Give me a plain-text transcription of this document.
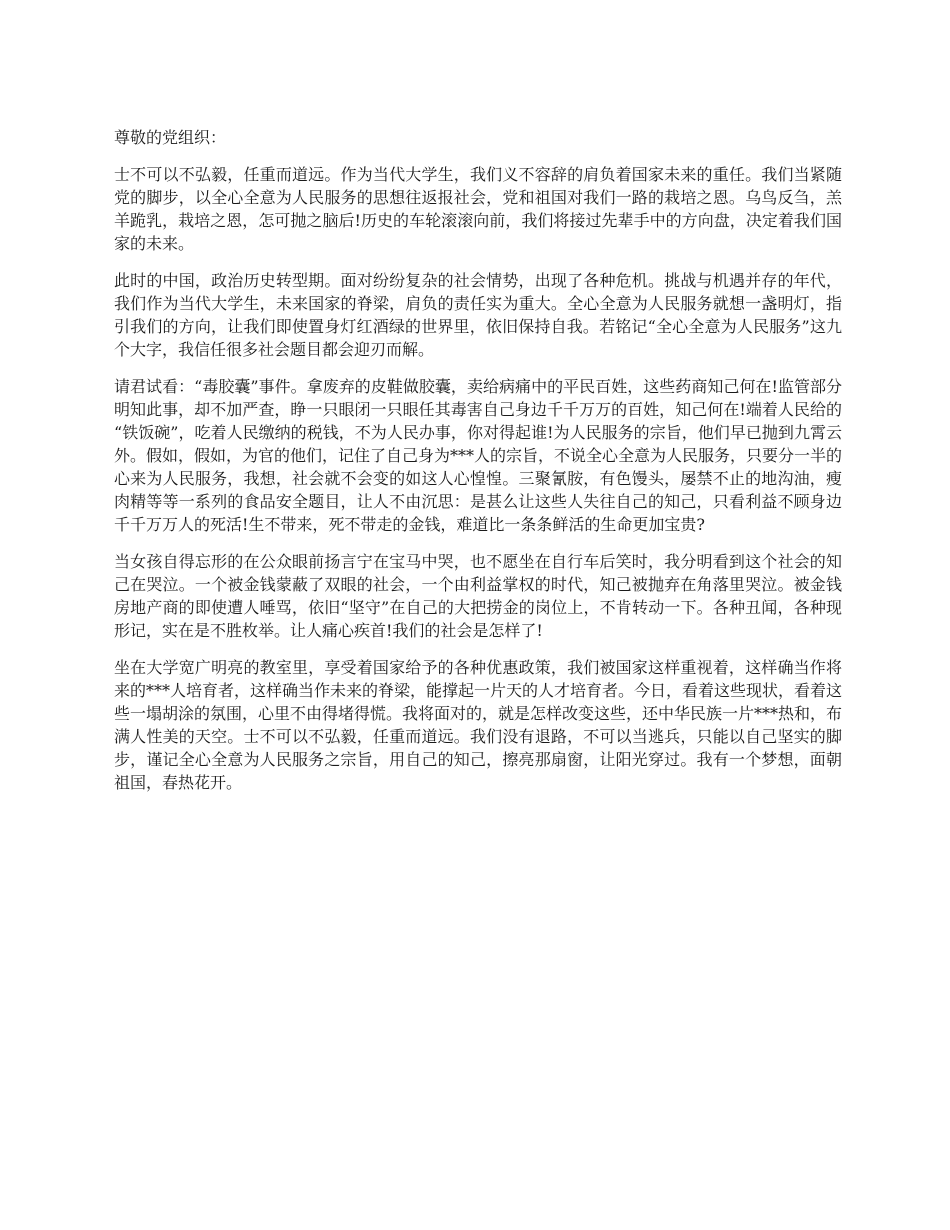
尊敬的党组织：

士不可以不弘毅，任重而道远。作为当代大学生，我们义不容辞的肩负着国家未来的重任。我们当紧随党的脚步，以全心全意为人民服务的思想往返报社会，党和祖国对我们一路的栽培之恩。乌鸟反刍，羔羊跪乳，栽培之恩，怎可抛之脑后!历史的车轮滚滚向前，我们将接过先辈手中的方向盘，决定着我们国家的未来。

此时的中国，政治历史转型期。面对纷纷复杂的社会情势，出现了各种危机。挑战与机遇并存的年代，我们作为当代大学生，未来国家的脊梁，肩负的责任实为重大。全心全意为人民服务就想一盏明灯，指引我们的方向，让我们即使置身灯红酒绿的世界里，依旧保持自我。若铭记“全心全意为人民服务”这九个大字，我信任很多社会题目都会迎刃而解。

请君试看：“毒胶囊”事件。拿废弃的皮鞋做胶囊，卖给病痛中的平民百姓，这些药商知己何在!监管部分明知此事，却不加严查，睁一只眼闭一只眼任其毒害自己身边千千万万的百姓，知己何在!端着人民给的“铁饭碗”，吃着人民缴纳的税钱，不为人民办事，你对得起谁!为人民服务的宗旨，他们早已抛到九霄云外。假如，假如，为官的他们，记住了自己身为***人的宗旨，不说全心全意为人民服务，只要分一半的心来为人民服务，我想，社会就不会变的如这人心惶惶。三聚氰胺，有色馒头，屡禁不止的地沟油，瘦肉精等等一系列的食品安全题目，让人不由沉思：是甚么让这些人失往自己的知己，只看利益不顾身边千千万万人的死活!生不带来，死不带走的金钱，难道比一条条鲜活的生命更加宝贵?

当女孩自得忘形的在公众眼前扬言宁在宝马中哭，也不愿坐在自行车后笑时，我分明看到这个社会的知己在哭泣。一个被金钱蒙蔽了双眼的社会，一个由利益掌权的时代，知己被抛弃在角落里哭泣。被金钱房地产商的即使遭人唾骂，依旧“坚守”在自己的大把捞金的岗位上，不肯转动一下。各种丑闻，各种现形记，实在是不胜枚举。让人痛心疾首!我们的社会是怎样了!

坐在大学宽广明亮的教室里，享受着国家给予的各种优惠政策，我们被国家这样重视着，这样确当作将来的***人培育者，这样确当作未来的脊梁，能撑起一片天的人才培育者。今日，看着这些现状，看着这些一塌胡涂的氛围，心里不由得堵得慌。我将面对的，就是怎样改变这些，还中华民族一片***热和，布满人性美的天空。士不可以不弘毅，任重而道远。我们没有退路，不可以当逃兵，只能以自己坚实的脚步，谨记全心全意为人民服务之宗旨，用自己的知己，擦亮那扇窗，让阳光穿过。我有一个梦想，面朝祖国，春热花开。
